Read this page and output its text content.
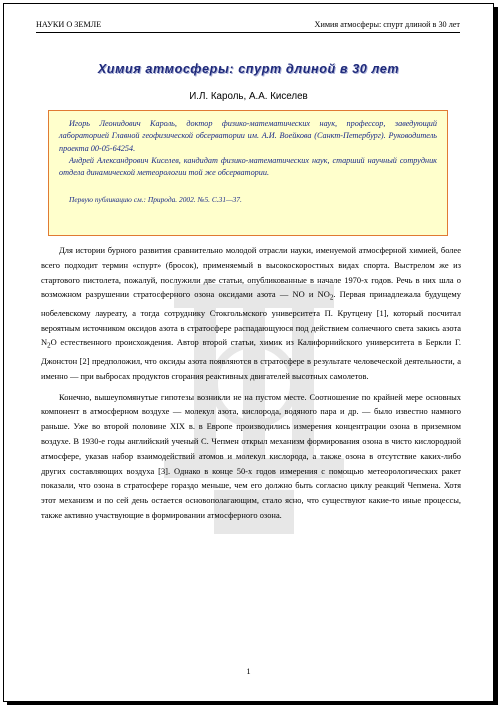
НАУКИ О ЗЕМЛЕ	Химия атмосферы: спурт длиной в 30 лет
Химия атмосферы: спурт длиной в 30 лет
И.Л. Кароль, А.А. Киселев

Игорь Леонидович Кароль, доктор физико-математических наук, профессор, заведующий лабораторией Главной геофизической обсерватории им. А.И. Воейкова (Санкт-Петербург). Руководитель проекта 00-05-64254.

Андрей Александрович Киселев, кандидат физико-математических наук, старший научный сотрудник отдела динамической метеорологии той же обсерватории.

Первую публикацию см.: Природа. 2002. №5. С.31—37.

Для истории бурного развития сравнительно молодой отрасли науки, именуемой атмосферной химией, более всего подходит термин «спурт» (бросок), применяемый в высокоскоростных видах спорта. Выстрелом же из стартового пистолета, пожалуй, послужили две статьи, опубликованные в начале 1970-х годов. Речь в них шла о возможном разрушении стратосферного озона оксидами азота — NO и $NO_2$. Первая принадлежала будущему нобелевскому лауреату, а тогда сотруднику Стокгольмского университета П. Крутцену [1], который посчитал вероятным источником оксидов азота в стратосфере распадающуюся под действием солнечного света закись азота $N_2O$ естественного происхождения. Автор второй статьи, химик из Калифорнийского университета в Беркли Г. Джонстон [2] предположил, что оксиды азота появляются в стратосфере в результате человеческой деятельности, а именно — при выбросах продуктов сгорания реактивных двигателей высотных самолетов.

Конечно, вышеупомянутые гипотезы возникли не на пустом месте. Соотношение по крайней мере основных компонент в атмосферном воздухе — молекул азота, кислорода, водяного пара и др. — было известно намного раньше. Уже во второй половине XIX в. в Европе производились измерения концентрации озона в приземном воздухе. В 1930-е годы английский ученый С. Чепмен открыл механизм формирования озона в чисто кислородной атмосфере, указав набор взаимодействий атомов и молекул кислорода, а также озона в отсутствие каких-либо других составляющих воздуха [3]. Однако в конце 50-х годов измерения с помощью метеорологических ракет показали, что озона в стратосфере гораздо меньше, чем его должно быть согласно циклу реакций Чепмена. Хотя этот механизм и по сей день остается основополагающим, стало ясно, что существуют какие-то иные процессы, также активно участвующие в формировании атмосферного озона.

1
